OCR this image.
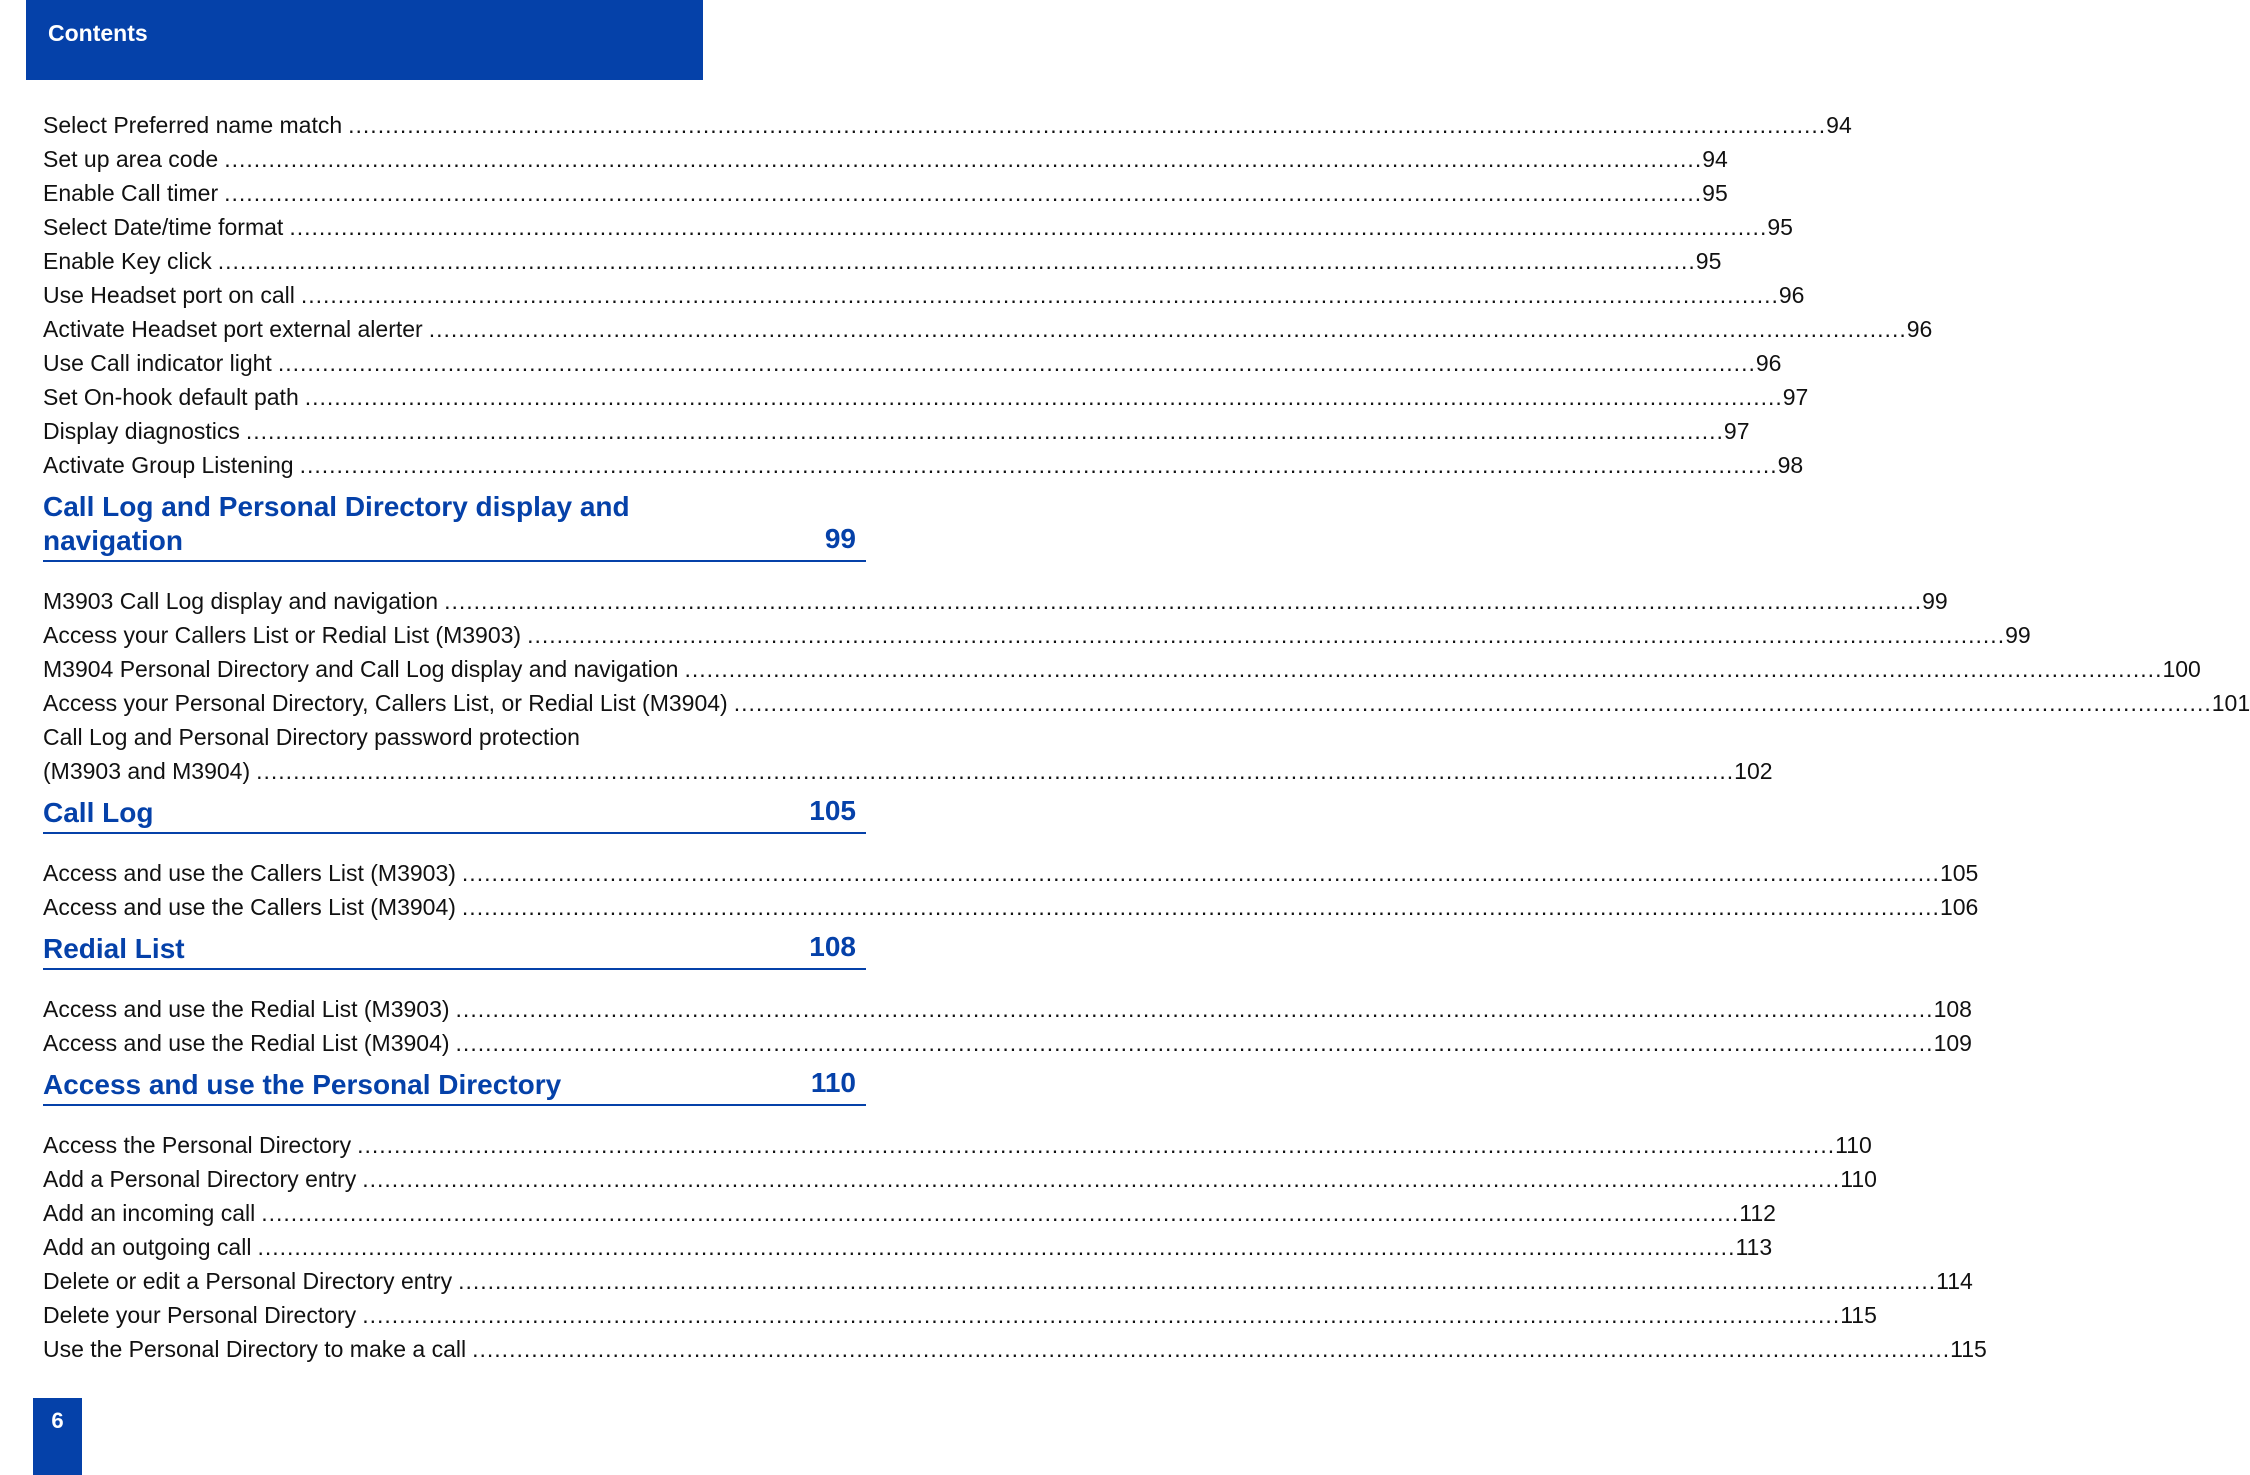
Contents
Select Preferred name match ........................................................................................................................................................................................................ 94
Set up area code ........................................................................................................................................................................................................ 94
Enable Call timer ........................................................................................................................................................................................................ 95
Select Date/time format ........................................................................................................................................................................................................ 95
Enable Key click ........................................................................................................................................................................................................ 95
Use Headset port on call ........................................................................................................................................................................................................ 96
Activate Headset port external alerter ........................................................................................................................................................................................................ 96
Use Call indicator light ........................................................................................................................................................................................................ 96
Set On-hook default path ........................................................................................................................................................................................................ 97
Display diagnostics ........................................................................................................................................................................................................ 97
Activate Group Listening ........................................................................................................................................................................................................ 98
Call Log and Personal Directory display and navigation	99
M3903 Call Log display and navigation ........................................................................................................................................................................................................ 99
Access your Callers List or Redial List (M3903) ........................................................................................................................................................................................................ 99
M3904 Personal Directory and Call Log display and navigation ........................................................................................................................................................................................................ 100
Access your Personal Directory, Callers List, or Redial List (M3904) ........................................................................................................................................................................................................ 101
Call Log and Personal Directory password protection
(M3903 and M3904) ........................................................................................................................................................................................................ 102
Call Log	105
Access and use the Callers List (M3903) ........................................................................................................................................................................................................ 105
Access and use the Callers List (M3904) ........................................................................................................................................................................................................ 106
Redial List	108
Access and use the Redial List (M3903) ........................................................................................................................................................................................................ 108
Access and use the Redial List (M3904) ........................................................................................................................................................................................................ 109
Access and use the Personal Directory	110
Access the Personal Directory ........................................................................................................................................................................................................ 110
Add a Personal Directory entry ........................................................................................................................................................................................................ 110
Add an incoming call ........................................................................................................................................................................................................ 112
Add an outgoing call ........................................................................................................................................................................................................ 113
Delete or edit a Personal Directory entry ........................................................................................................................................................................................................ 114
Delete your Personal Directory ........................................................................................................................................................................................................ 115
Use the Personal Directory to make a call ........................................................................................................................................................................................................ 115
6
